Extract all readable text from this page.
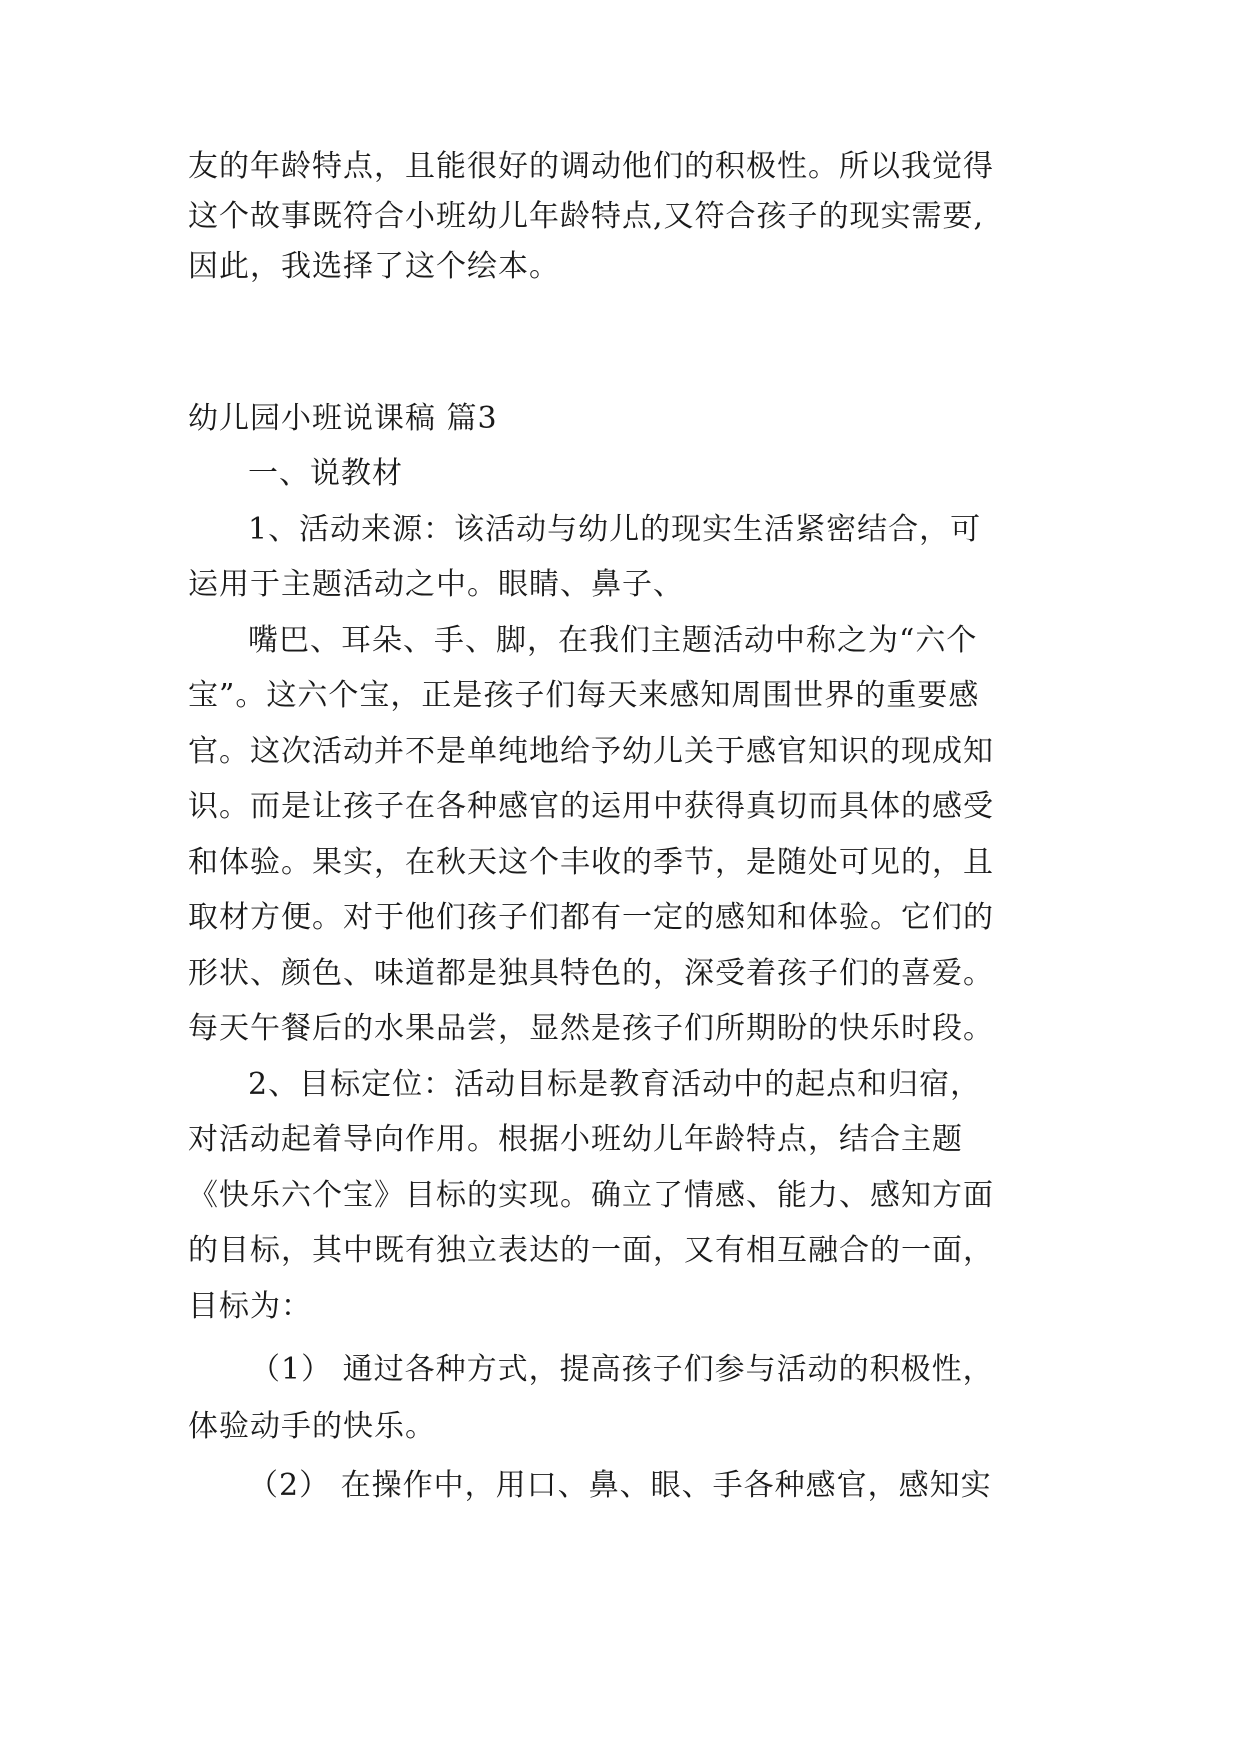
友的年龄特点，且能很好的调动他们的积极性。所以我觉得
这个故事既符合小班幼儿年龄特点,又符合孩子的现实需要,
因此，我选择了这个绘本。
幼儿园小班说课稿 篇3
一、说教材
1、活动来源：该活动与幼儿的现实生活紧密结合，可
运用于主题活动之中。眼睛、鼻子、
嘴巴、耳朵、手、脚，在我们主题活动中称之为“六个
宝”。这六个宝，正是孩子们每天来感知周围世界的重要感
官。这次活动并不是单纯地给予幼儿关于感官知识的现成知
识。而是让孩子在各种感官的运用中获得真切而具体的感受
和体验。果实，在秋天这个丰收的季节，是随处可见的，且
取材方便。对于他们孩子们都有一定的感知和体验。它们的
形状、颜色、味道都是独具特色的，深受着孩子们的喜爱。
每天午餐后的水果品尝，显然是孩子们所期盼的快乐时段。
2、目标定位：活动目标是教育活动中的起点和归宿，
对活动起着导向作用。根据小班幼儿年龄特点，结合主题
《快乐六个宝》目标的实现。确立了情感、能力、感知方面
的目标，其中既有独立表达的一面，又有相互融合的一面，
目标为：
（1） 通过各种方式，提高孩子们参与活动的积极性，
体验动手的快乐。
（2） 在操作中，用口、鼻、眼、手各种感官，感知实
